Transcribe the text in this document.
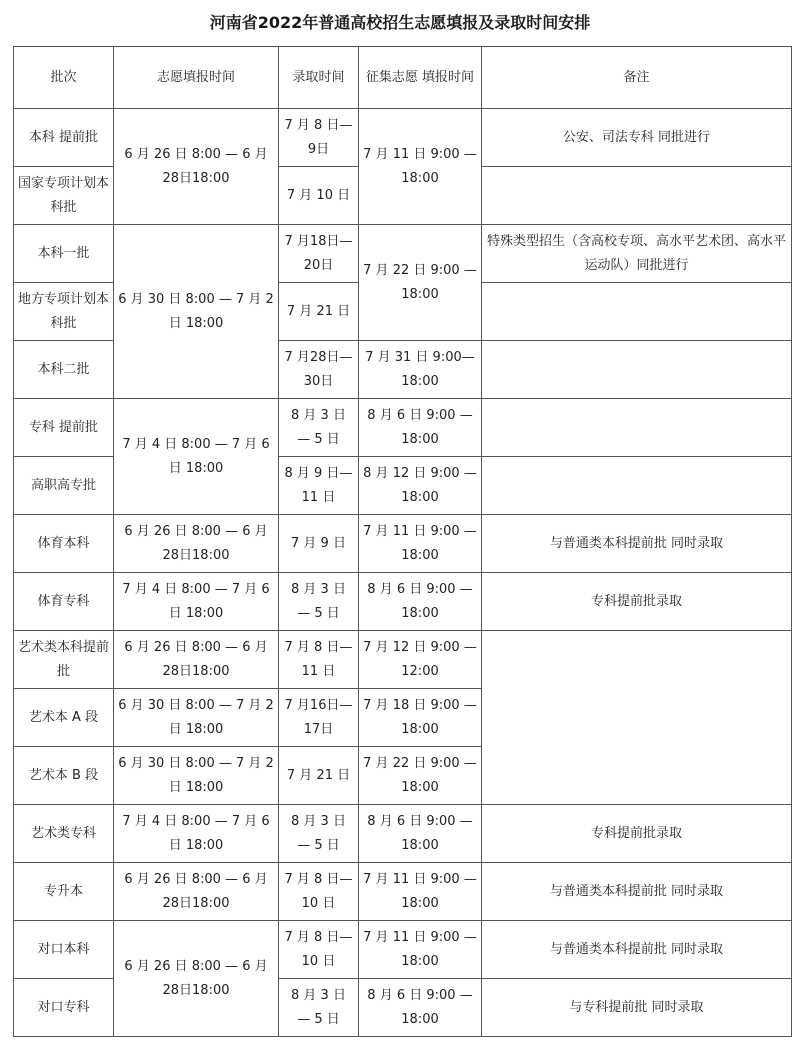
河南省2022年普通高校招生志愿填报及录取时间安排
批次	志愿填报时间	录取时间	征集志愿 填报时间	备注
本科 提前批	6 月 26 日 8:00 — 6 月 28日18:00	7 月 8 日— 9日	7 月 11 日 9:00 — 18:00	公安、司法专科 同批进行
国家专项计划本科批		7 月 10 日		
本科一批	6 月 30 日 8:00 — 7 月 2 日 18:00	7 月18日— 20日	7 月 22 日 9:00 — 18:00	特殊类型招生（含高校专项、高水平艺术团、高水平运动队）同批进行

地方专项计划本科批		7 月 21 日		
本科二批		7 月28日— 30日	7 月 31 日 9:00— 18:00	
专科 提前批	7 月 4 日 8:00 — 7 月 6 日 18:00	8 月 3 日 — 5 日	8 月 6 日 9:00 — 18:00	
高职高专批		8 月 9 日— 11 日	8 月 12 日 9:00 — 18:00	
体育本科	6 月 26 日 8:00 — 6 月 28日18:00	7 月 9 日	7 月 11 日 9:00 — 18:00	与普通类本科提前批 同时录取
体育专科	7 月 4 日 8:00 — 7 月 6 日 18:00	8 月 3 日 — 5 日	8 月 6 日 9:00 — 18:00	专科提前批录取
艺术类本科提前批	6 月 26 日 8:00 — 6 月 28日18:00	7 月 8 日— 11 日	7 月 12 日 9:00 — 12:00	
艺术本 A 段	6 月 30 日 8:00 — 7 月 2 日 18:00	7 月16日— 17日	7 月 18 日 9:00 — 18:00	
艺术本 B 段	6 月 30 日 8:00 — 7 月 2 日 18:00	7 月 21 日	7 月 22 日 9:00 — 18:00	
艺术类专科	7 月 4 日 8:00 — 7 月 6 日 18:00	8 月 3 日 — 5 日	8 月 6 日 9:00 — 18:00	专科提前批录取
专升本	6 月 26 日 8:00 — 6 月 28日18:00	7 月 8 日— 10 日	7 月 11 日 9:00 — 18:00	与普通类本科提前批 同时录取
对口本科	6 月 26 日 8:00 — 6 月 28日18:00	7 月 8 日— 10 日	7 月 11 日 9:00 — 18:00	与普通类本科提前批 同时录取
对口专科		8 月 3 日 — 5 日	8 月 6 日 9:00 — 18:00	与专科提前批 同时录取
